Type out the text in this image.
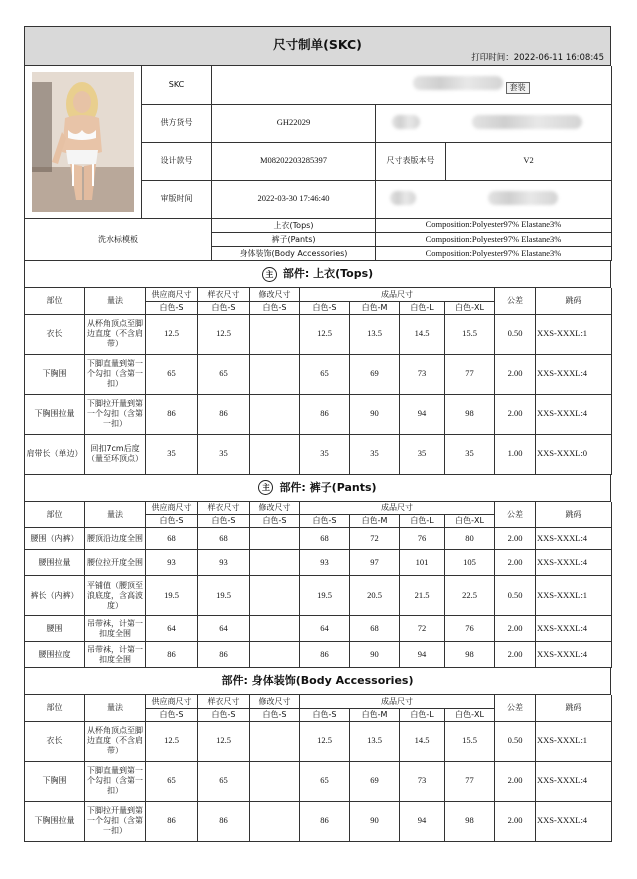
尺寸制单(SKC)
打印时间：2022-06-11 16:08:45
	SKC	套装		
	供方货号	GH22029		
	设计款号	M08202203285397	尺寸表版本号	V2
	审版时间	2022-03-30 17:46:40		
洗水标模板	上衣(Tops)	Composition:Polyester97% Elastane3%
	裤子(Pants)	Composition:Polyester97% Elastane3%
	身体装饰(Body Accessories)	Composition:Polyester97% Elastane3%
主 部件: 上衣(Tops)
部位	量法	供应商尺寸	样衣尺寸	修改尺寸	成品尺寸				公差	跳码
		白色-S	白色-S	白色-S	白色-S	白色-M	白色-L	白色-XL		
衣长	从杯角顶点至脚边直度（不含肩带）	12.5	12.5		12.5	13.5	14.5	15.5	0.50	XXS-XXXL:1
下胸围	下脚直量到第一个勾扣（含第一扣）	65	65		65	69	73	77	2.00	XXS-XXXL:4
下胸围拉量	下脚拉开量到第一个勾扣（含第一扣）	86	86		86	90	94	98	2.00	XXS-XXXL:4
肩带长（单边）	回扣7cm后度（量至环顶点）	35	35		35	35	35	35	1.00	XXS-XXXL:0
主 部件: 裤子(Pants)
部位	量法	供应商尺寸	样衣尺寸	修改尺寸	成品尺寸				公差	跳码
		白色-S	白色-S	白色-S	白色-S	白色-M	白色-L	白色-XL		
腰围（内裤）	腰顶沿边度全围	68	68		68	72	76	80	2.00	XXS-XXXL:4
腰围拉量	腰位拉开度全围	93	93		93	97	101	105	2.00	XXS-XXXL:4
裤长（内裤）	平铺值（腰顶至浪底度，含高波度）	19.5	19.5		19.5	20.5	21.5	22.5	0.50	XXS-XXXL:1
腰围	吊带袜，计第一扣度全围	64	64		64	68	72	76	2.00	XXS-XXXL:4
腰围拉度	吊带袜，计第一扣度全围	86	86		86	90	94	98	2.00	XXS-XXXL:4
部件: 身体装饰(Body Accessories)
部位	量法	供应商尺寸	样衣尺寸	修改尺寸	成品尺寸				公差	跳码
		白色-S	白色-S	白色-S	白色-S	白色-M	白色-L	白色-XL		
衣长	从杯角顶点至脚边直度（不含肩带）	12.5	12.5		12.5	13.5	14.5	15.5	0.50	XXS-XXXL:1
下胸围	下脚直量到第一个勾扣（含第一扣）	65	65		65	69	73	77	2.00	XXS-XXXL:4
下胸围拉量	下脚拉开量到第一个勾扣（含第一扣）	86	86		86	90	94	98	2.00	XXS-XXXL:4
